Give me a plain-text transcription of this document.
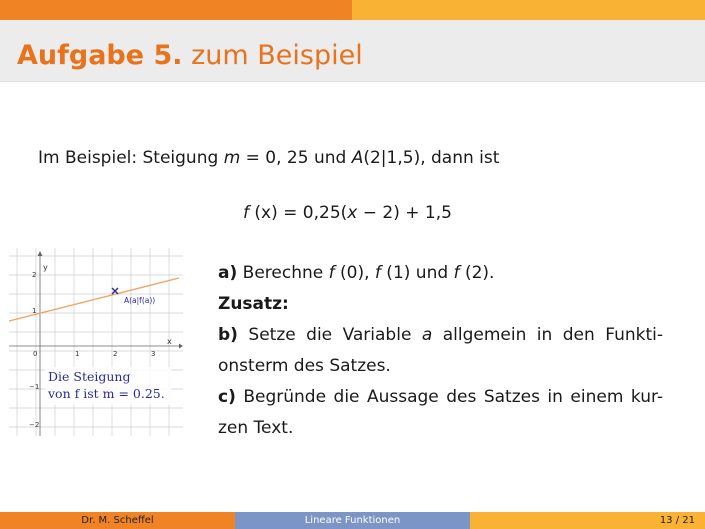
Aufgabe 5. zum Beispiel
Im Beispiel: Steigung m = 0, 25 und A(2|1,5), dann ist
f (x) = 0,25(x − 2) + 1,5
x
y
0	1	2	3
2
1
−1
−2
A(a|f(a))
Die Steigung
von f ist m = 0.25.
a) Berechne f (0), f (1) und f (2).
Zusatz:
b) Setze die Variable a allgemein in den Funkti-
onsterm des Satzes.
c) Begründe die Aussage des Satzes in einem kur-
zen Text.
Dr. M. Scheffel	Lineare Funktionen	13 / 21
